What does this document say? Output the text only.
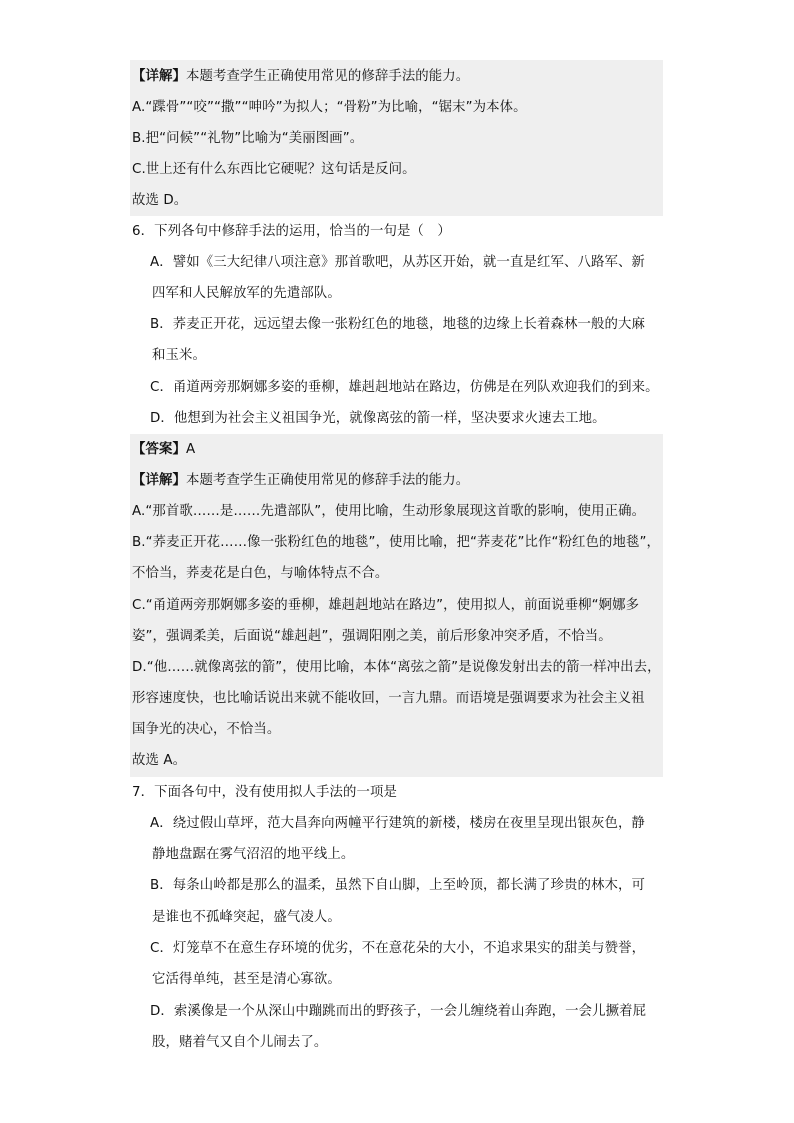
【详解】本题考查学生正确使用常见的修辞手法的能力。
A.“蹀骨”“咬”“撒”“呻吟”为拟人；“骨粉”为比喻，“锯末”为本体。
B.把“问候”“礼物”比喻为“美丽图画”。
C.世上还有什么东西比它硬呢？这句话是反问。
故选 D。
6．下列各句中修辞手法的运用，恰当的一句是（　）
A．譬如《三大纪律八项注意》那首歌吧，从苏区开始，就一直是红军、八路军、新
四军和人民解放军的先遣部队。
B．荞麦正开花，远远望去像一张粉红色的地毯，地毯的边缘上长着森林一般的大麻
和玉米。
C．甬道两旁那婀娜多姿的垂柳，雄赳赳地站在路边，仿佛是在列队欢迎我们的到来。
D．他想到为社会主义祖国争光，就像离弦的箭一样，坚决要求火速去工地。
【答案】A
【详解】本题考查学生正确使用常见的修辞手法的能力。
A.“那首歌……是……先遣部队”，使用比喻，生动形象展现这首歌的影响，使用正确。
B.“荞麦正开花……像一张粉红色的地毯”，使用比喻，把“荞麦花”比作“粉红色的地毯”，
不恰当，荞麦花是白色，与喻体特点不合。
C.“甬道两旁那婀娜多姿的垂柳，雄赳赳地站在路边”，使用拟人，前面说垂柳“婀娜多
姿”，强调柔美，后面说“雄赳赳”，强调阳刚之美，前后形象冲突矛盾，不恰当。
D.“他……就像离弦的箭”，使用比喻，本体“离弦之箭”是说像发射出去的箭一样冲出去，
形容速度快，也比喻话说出来就不能收回，一言九鼎。而语境是强调要求为社会主义祖
国争光的决心，不恰当。
故选 A。
7．下面各句中，没有使用拟人手法的一项是
A．绕过假山草坪，范大昌奔向两幢平行建筑的新楼，楼房在夜里呈现出银灰色，静
静地盘踞在雾气沼沼的地平线上。
B．每条山岭都是那么的温柔，虽然下自山脚，上至岭顶，都长满了珍贵的林木，可
是谁也不孤峰突起，盛气凌人。
C．灯笼草不在意生存环境的优劣，不在意花朵的大小，不追求果实的甜美与赞誉，
它活得单纯，甚至是清心寡欲。
D．索溪像是一个从深山中蹦跳而出的野孩子，一会儿缠绕着山奔跑，一会儿撅着屁
股，赌着气又自个儿闹去了。
